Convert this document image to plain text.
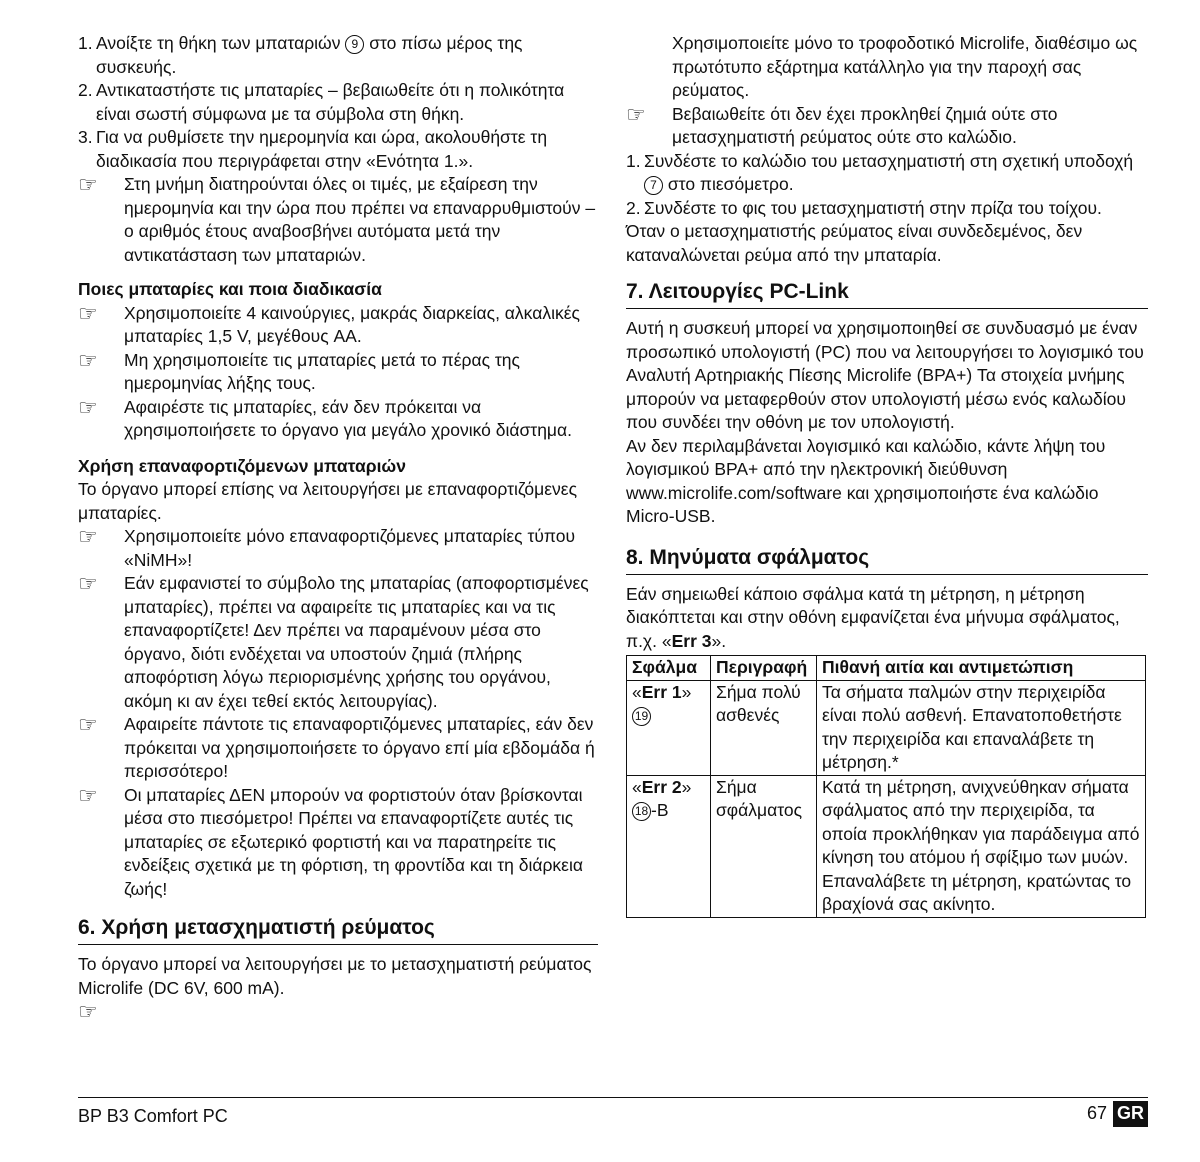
1. Ανοίξτε τη θήκη των μπαταριών 9 στο πίσω μέρος της συσκευής.
2. Αντικαταστήστε τις μπαταρίες – βεβαιωθείτε ότι η πολικότητα είναι σωστή σύμφωνα με τα σύμβολα στη θήκη.
3. Για να ρυθμίσετε την ημερομηνία και ώρα, ακολουθήστε τη διαδικασία που περιγράφεται στην «Ενότητα 1.».
☞	Στη μνήμη διατηρούνται όλες οι τιμές, με εξαίρεση την ημερομηνία και την ώρα που πρέπει να επαναρρυθμιστούν – ο αριθμός έτους αναβοσβήνει αυτόματα μετά την αντικατάσταση των μπαταριών.

Ποιες μπαταρίες και ποια διαδικασία

☞	Χρησιμοποιείτε 4 καινούργιες, μακράς διαρκείας, αλκαλικές μπαταρίες 1,5 V, μεγέθους AA.
☞	Μη χρησιμοποιείτε τις μπαταρίες μετά το πέρας της ημερομηνίας λήξης τους.
☞	Αφαιρέστε τις μπαταρίες, εάν δεν πρόκειται να χρησιμοποιήσετε το όργανο για μεγάλο χρονικό διάστημα.

Χρήση επαναφορτιζόμενων μπαταριών

Το όργανο μπορεί επίσης να λειτουργήσει με επαναφορτιζόμενες μπαταρίες.

☞	Χρησιμοποιείτε μόνο επαναφορτιζόμενες μπαταρίες τύπου «NiMH»!
☞	Εάν εμφανιστεί το σύμβολο της μπαταρίας (αποφορτισμένες μπαταρίες), πρέπει να αφαιρείτε τις μπαταρίες και να τις επαναφορτίζετε! Δεν πρέπει να παραμένουν μέσα στο όργανο, διότι ενδέχεται να υποστούν ζημιά (πλήρης αποφόρτιση λόγω περιορισμένης χρήσης του οργάνου, ακόμη κι αν έχει τεθεί εκτός λειτουργίας).
☞	Αφαιρείτε πάντοτε τις επαναφορτιζόμενες μπαταρίες, εάν δεν πρόκειται να χρησιμοποιήσετε το όργανο επί μία εβδομάδα ή περισσότερο!
☞	Οι μπαταρίες ΔΕΝ μπορούν να φορτιστούν όταν βρίσκονται μέσα στο πιεσόμετρο! Πρέπει να επαναφορτίζετε αυτές τις μπαταρίες σε εξωτερικό φορτιστή και να παρατηρείτε τις ενδείξεις σχετικά με τη φόρτιση, τη φροντίδα και τη διάρκεια ζωής!
6. Χρήση μετασχηματιστή ρεύματος

Το όργανο μπορεί να λειτουργήσει με το μετασχηματιστή ρεύματος Microlife (DC 6V, 600 mA).

☞
Χρησιμοποιείτε μόνο το τροφοδοτικό Microlife, διαθέσιμο ως πρωτότυπο εξάρτημα κατάλληλο για την παροχή σας ρεύματος.
☞	Βεβαιωθείτε ότι δεν έχει προκληθεί ζημιά ούτε στο μετασχηματιστή ρεύματος ούτε στο καλώδιο.
1. Συνδέστε το καλώδιο του μετασχηματιστή στη σχετική υποδοχή 7 στο πιεσόμετρο.
2. Συνδέστε το φις του μετασχηματιστή στην πρίζα του τοίχου.

Όταν ο μετασχηματιστής ρεύματος είναι συνδεδεμένος, δεν καταναλώνεται ρεύμα από την μπαταρία.

7. Λειτουργίες PC-Link

Αυτή η συσκευή μπορεί να χρησιμοποιηθεί σε συνδυασμό με έναν προσωπικό υπολογιστή (PC) που να λειτουργήσει το λογισμικό του Αναλυτή Αρτηριακής Πίεσης Microlife (BPA+) Τα στοιχεία μνήμης μπορούν να μεταφερθούν στον υπολογιστή μέσω ενός καλωδίου που συνδέει την οθόνη με τον υπολογιστή.

Αν δεν περιλαμβάνεται λογισμικό και καλώδιο, κάντε λήψη του λογισμικού BPA+ από την ηλεκτρονική διεύθυνση www.microlife.com/software και χρησιμοποιήστε ένα καλώδιο Micro-USB.

8. Μηνύματα σφάλματος

Εάν σημειωθεί κάποιο σφάλμα κατά τη μέτρηση, η μέτρηση διακόπτεται και στην οθόνη εμφανίζεται ένα μήνυμα σφάλματος, π.χ. «Err 3».

Σφάλμα	Περιγραφή	Πιθανή αιτία και αντιμετώπιση
«Err 1»
19	Σήμα πολύ ασθενές	Τα σήματα παλμών στην περιχειρίδα είναι πολύ ασθενή. Επανατοποθετήστε την περιχειρίδα και επαναλάβετε τη μέτρηση.*
«Err 2»
18 -B	Σήμα σφάλματος	Κατά τη μέτρηση, ανιχνεύθηκαν σήματα σφάλματος από την περιχειρίδα, τα οποία προκλήθηκαν για παράδειγμα από κίνηση του ατόμου ή σφίξιμο των μυών. Επαναλάβετε τη μέτρηση, κρατώντας το βραχίονά σας ακίνητο.
BP B3 Comfort PC	67 GR
